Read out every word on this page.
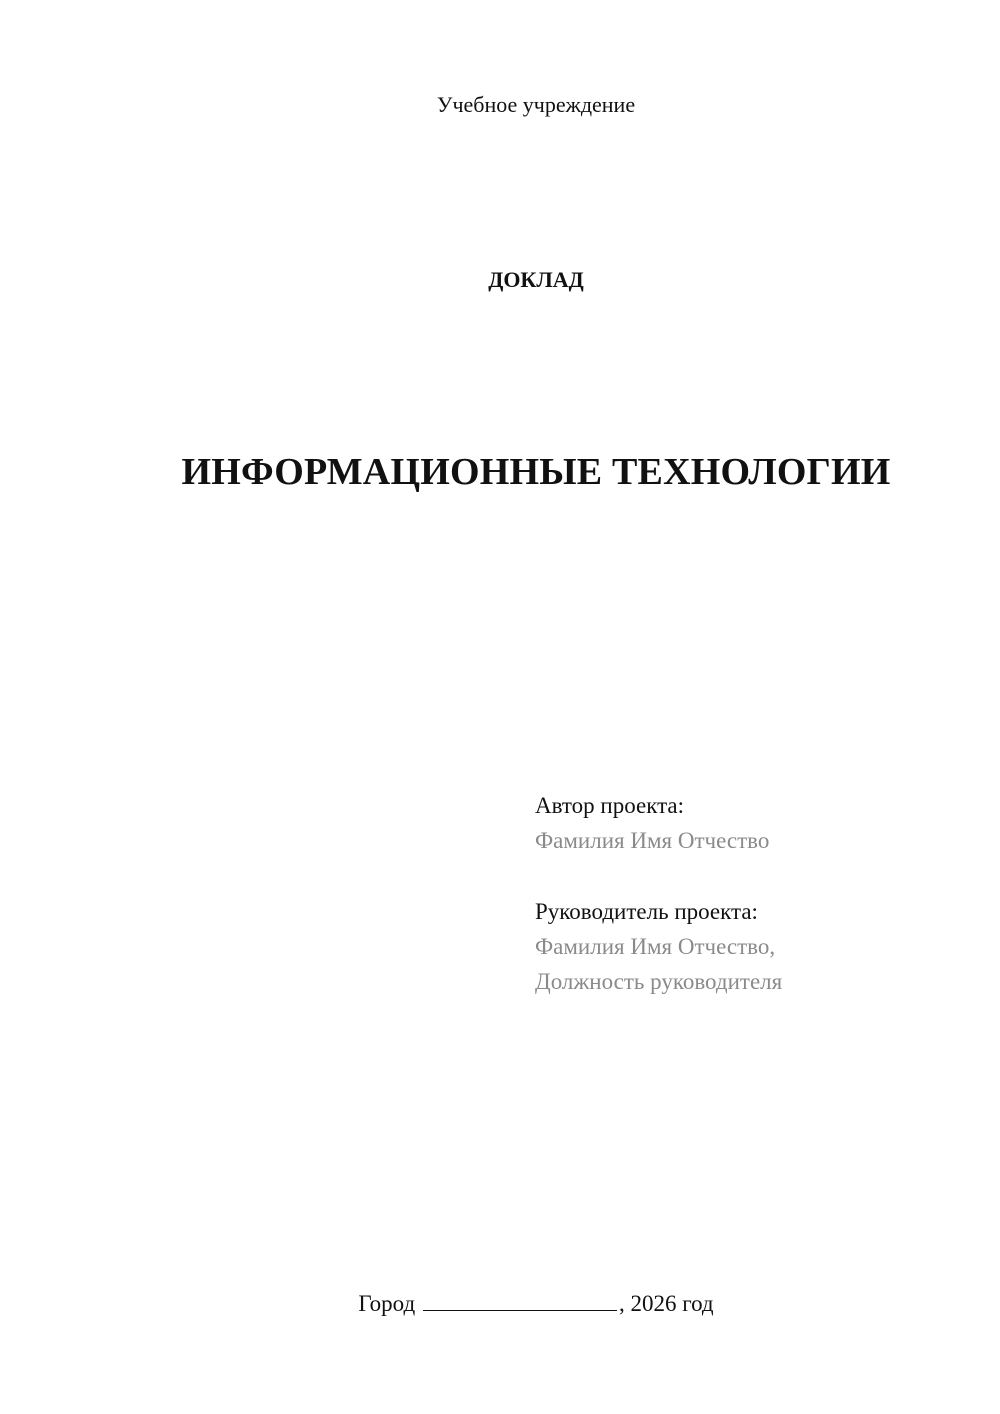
Учебное учреждение
ДОКЛАД
ИНФОРМАЦИОННЫЕ ТЕХНОЛОГИИ
Автор проекта:
Фамилия Имя Отчество
Руководитель проекта:
Фамилия Имя Отчество,
Должность руководителя
Город	, 2026 год
